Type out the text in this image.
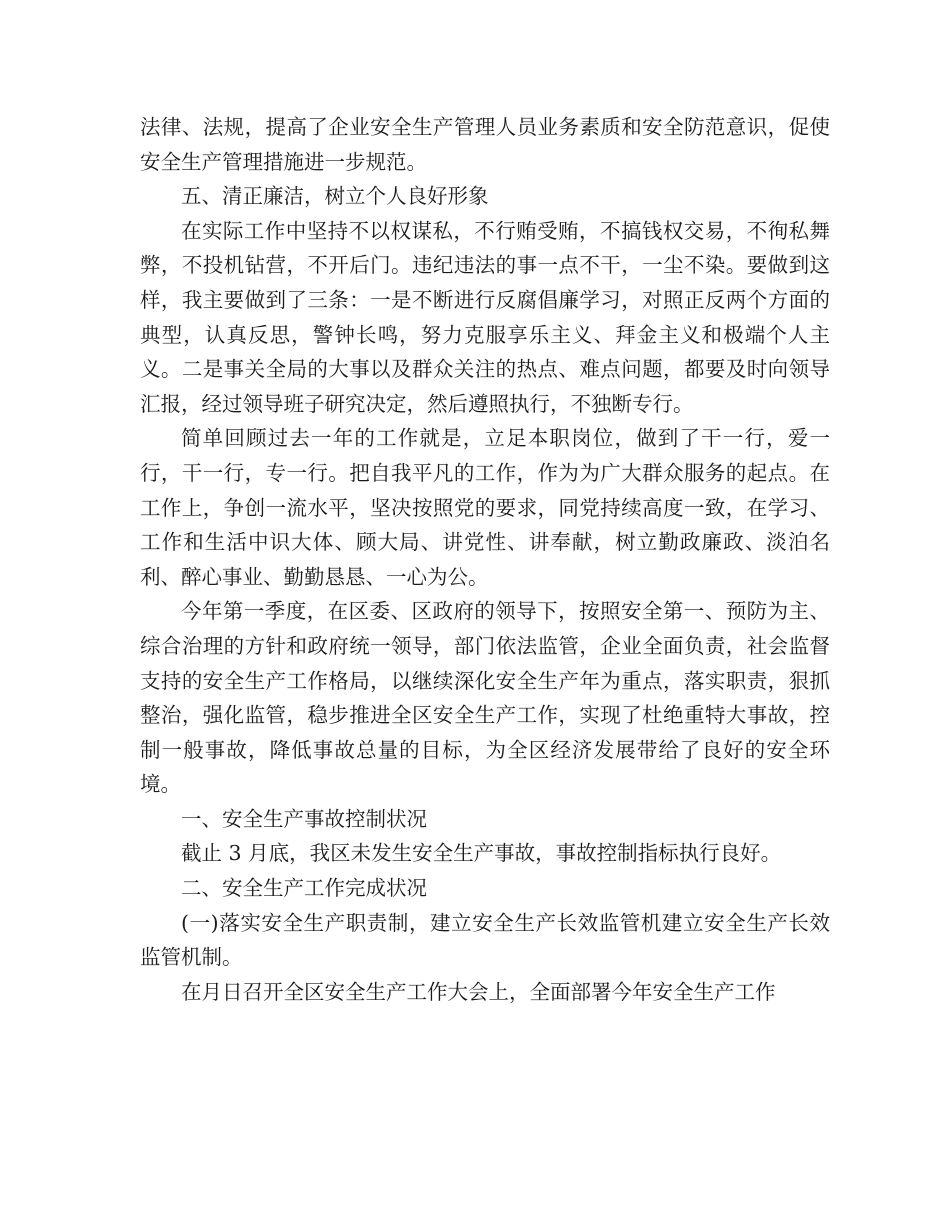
法律、法规，提高了企业安全生产管理人员业务素质和安全防范意识，促使安全生产管理措施进一步规范。

五、清正廉洁，树立个人良好形象

在实际工作中坚持不以权谋私，不行贿受贿，不搞钱权交易，不徇私舞弊，不投机钻营，不开后门。违纪违法的事一点不干，一尘不染。要做到这样，我主要做到了三条：一是不断进行反腐倡廉学习，对照正反两个方面的典型，认真反思，警钟长鸣，努力克服享乐主义、拜金主义和极端个人主义。二是事关全局的大事以及群众关注的热点、难点问题，都要及时向领导汇报，经过领导班子研究决定，然后遵照执行，不独断专行。

简单回顾过去一年的工作就是，立足本职岗位，做到了干一行，爱一行，干一行，专一行。把自我平凡的工作，作为为广大群众服务的起点。在工作上，争创一流水平，坚决按照党的要求，同党持续高度一致，在学习、工作和生活中识大体、顾大局、讲党性、讲奉献，树立勤政廉政、淡泊名利、醉心事业、勤勤恳恳、一心为公。

今年第一季度，在区委、区政府的领导下，按照安全第一、预防为主、综合治理的方针和政府统一领导，部门依法监管，企业全面负责，社会监督支持的安全生产工作格局，以继续深化安全生产年为重点，落实职责，狠抓整治，强化监管，稳步推进全区安全生产工作，实现了杜绝重特大事故，控制一般事故，降低事故总量的目标，为全区经济发展带给了良好的安全环境。

一、安全生产事故控制状况

截止 3 月底，我区未发生安全生产事故，事故控制指标执行良好。

二、安全生产工作完成状况

(一)落实安全生产职责制，建立安全生产长效监管机建立安全生产长效监管机制。

在月日召开全区安全生产工作大会上，全面部署今年安全生产工作
